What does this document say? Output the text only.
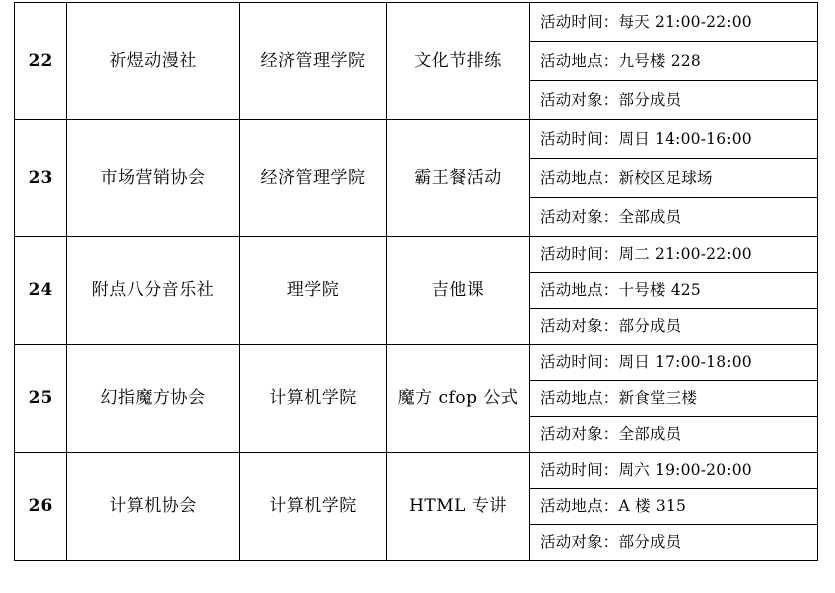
22	祈煜动漫社	经济管理学院	文化节排练	
活动时间：每天 21:00-22:00
活动地点：九号楼 228
活动对象：部分成员

23	市场营销协会	经济管理学院	霸王餐活动	
活动时间：周日 14:00-16:00
活动地点：新校区足球场
活动对象：全部成员

24	附点八分音乐社	理学院	吉他课	
活动时间：周二 21:00-22:00
活动地点：十号楼 425
活动对象：部分成员

25	幻指魔方协会	计算机学院	魔方 cfop 公式	
活动时间：周日 17:00-18:00
活动地点：新食堂三楼
活动对象：全部成员

26	计算机协会	计算机学院	HTML 专讲	
活动时间：周六 19:00-20:00
活动地点：A 楼 315
活动对象：部分成员
